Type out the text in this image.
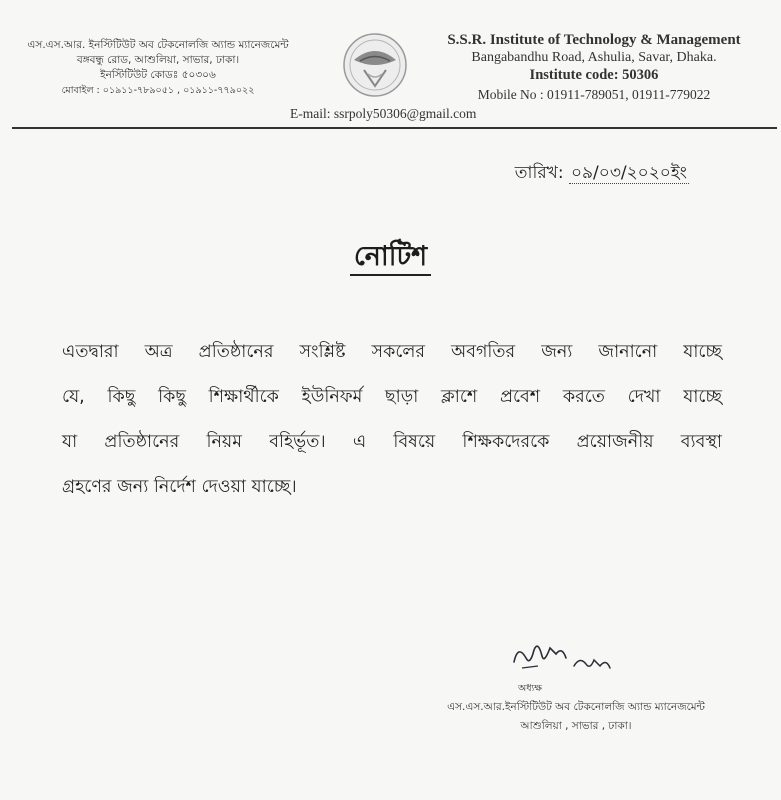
এস.এস.আর. ইনস্টিটিউট অব টেকনোলজি অ্যান্ড ম্যানেজমেন্ট
বঙ্গবন্ধু রোড, আশুলিয়া, সাভার, ঢাকা।
ইনস্টিটিউট কোডঃ ৫০৩০৬
মোবাইল : ০১৯১১-৭৮৯০৫১ , ০১৯১১-৭৭৯০২২
S.S.R. Institute of Technology & Management
Bangabandhu Road, Ashulia, Savar, Dhaka.
Institute code: 50306
Mobile No : 01911-789051, 01911-779022
E-mail: ssrpoly50306@gmail.com
তারিখ: ০৯/০৩/২০২০ইং
নোটিশ
এতদ্বারা অত্র প্রতিষ্ঠানের সংশ্লিষ্ট সকলের অবগতির জন্য জানানো যাচ্ছে
যে, কিছু কিছু শিক্ষার্থীকে ইউনিফর্ম ছাড়া ক্লাশে প্রবেশ করতে দেখা যাচ্ছে
যা প্রতিষ্ঠানের নিয়ম বহির্ভূত। এ বিষয়ে শিক্ষকদেরকে প্রয়োজনীয় ব্যবস্থা
গ্রহণের জন্য নির্দেশ দেওয়া যাচ্ছে।
অধ্যক্ষ
এস.এস.আর.ইনস্টিটিউট অব টেকনোলজি অ্যান্ড ম্যানেজমেন্ট
আশুলিয়া , সাভার , ঢাকা।
